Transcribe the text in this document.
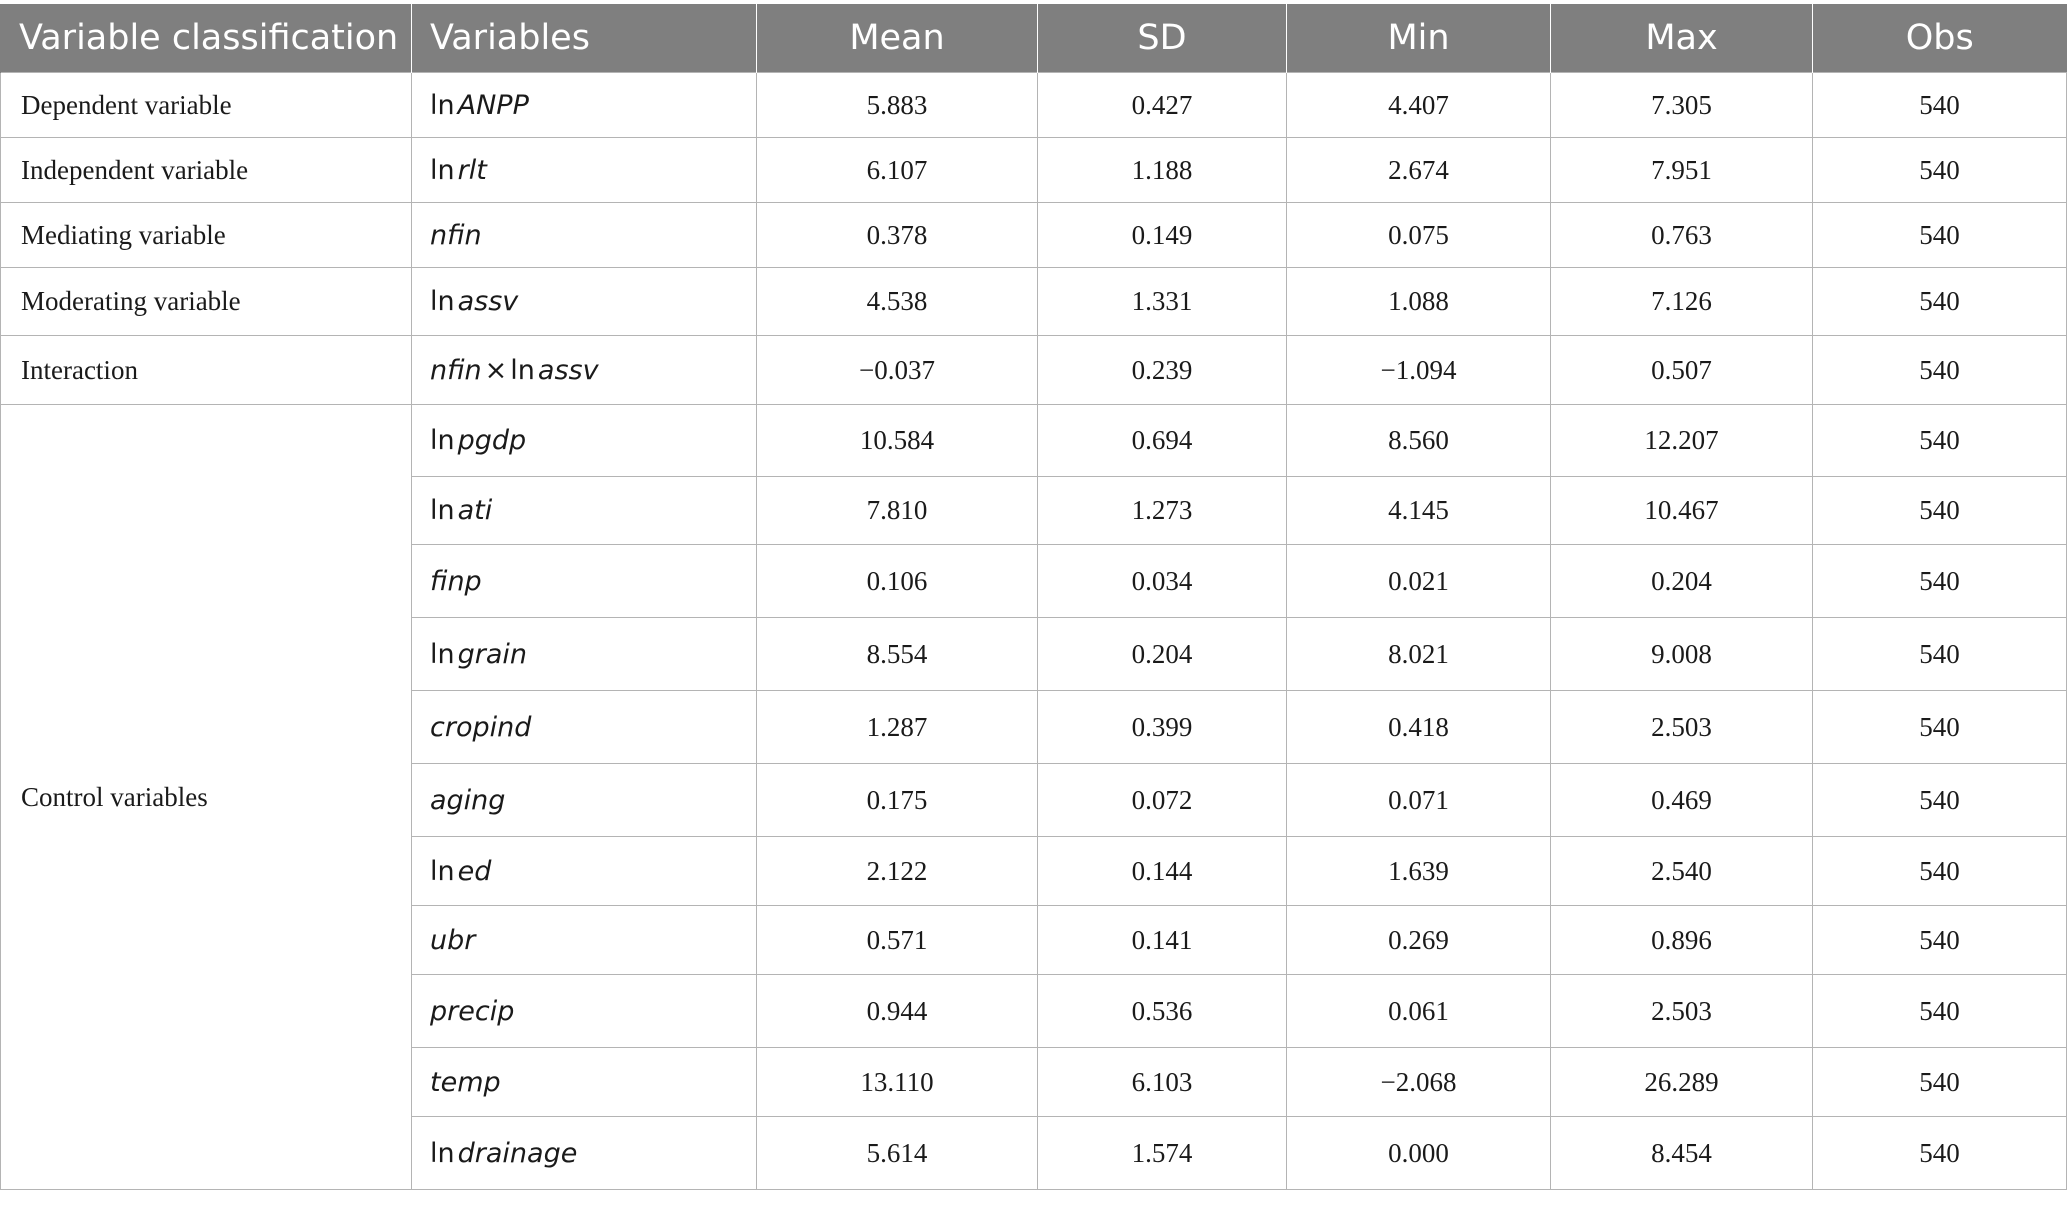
Variable classification	Variables	Mean	SD	Min	Max	Obs
Dependent variable	ln ANPP	5.883	0.427	4.407	7.305	540
Independent variable	ln rlt	6.107	1.188	2.674	7.951	540
Mediating variable	nfin	0.378	0.149	0.075	0.763	540
Moderating variable	ln assv	4.538	1.331	1.088	7.126	540
Interaction	nfin × ln assv	−0.037	0.239	−1.094	0.507	540
Control variables	ln pgdp	10.584	0.694	8.560	12.207	540
	ln ati	7.810	1.273	4.145	10.467	540
	finp	0.106	0.034	0.021	0.204	540
	ln grain	8.554	0.204	8.021	9.008	540
	cropind	1.287	0.399	0.418	2.503	540
	aging	0.175	0.072	0.071	0.469	540
	ln ed	2.122	0.144	1.639	2.540	540
	ubr	0.571	0.141	0.269	0.896	540
	precip	0.944	0.536	0.061	2.503	540
	temp	13.110	6.103	−2.068	26.289	540
	ln drainage	5.614	1.574	0.000	8.454	540
